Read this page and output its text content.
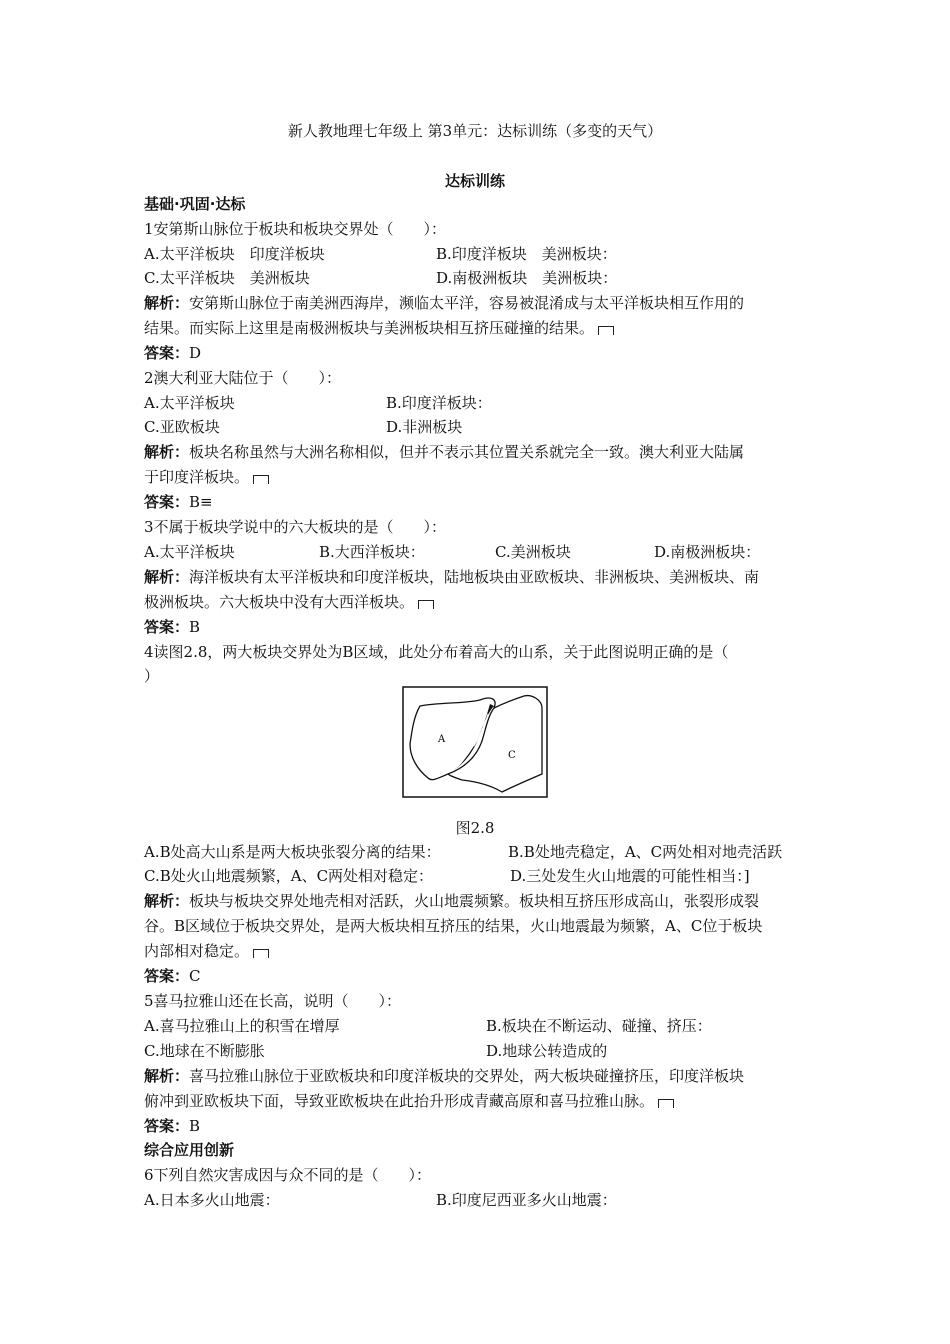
新人教地理七年级上 第3单元：达标训练（多变的天气）
达标训练
基础·巩固·达标
1安第斯山脉位于板块和板块交界处（　　）：
A.太平洋板块　印度洋板块	B.印度洋板块　美洲板块：
C.太平洋板块　美洲板块	D.南极洲板块　美洲板块：
解析：安第斯山脉位于南美洲西海岸，濒临太平洋，容易被混淆成与太平洋板块相互作用的
结果。而实际上这里是南极洲板块与美洲板块相互挤压碰撞的结果。
答案：D
2澳大利亚大陆位于（　　）：
A.太平洋板块	B.印度洋板块：
C.亚欧板块	D.非洲板块
解析：板块名称虽然与大洲名称相似，但并不表示其位置关系就完全一致。澳大利亚大陆属
于印度洋板块。
答案：B≡
3不属于板块学说中的六大板块的是（　　）：
A.太平洋板块	B.大西洋板块：	C.美洲板块	D.南极洲板块：
解析：海洋板块有太平洋板块和印度洋板块，陆地板块由亚欧板块、非洲板块、美洲板块、南
极洲板块。六大板块中没有大西洋板块。
答案：B
4读图2.8，两大板块交界处为B区域，此处分布着高大的山系，关于此图说明正确的是（
）
A	B
C
图2.8
A.B处高大山系是两大板块张裂分离的结果：	B.B处地壳稳定，A、C两处相对地壳活跃
C.B处火山地震频繁，A、C两处相对稳定：	D.三处发生火山地震的可能性相当：]
解析：板块与板块交界处地壳相对活跃，火山地震频繁。板块相互挤压形成高山，张裂形成裂
谷。B区域位于板块交界处，是两大板块相互挤压的结果，火山地震最为频繁，A、C位于板块
内部相对稳定。
答案：C
5喜马拉雅山还在长高，说明（　　）：
A.喜马拉雅山上的积雪在增厚	B.板块在不断运动、碰撞、挤压：
C.地球在不断膨胀	D.地球公转造成的
解析：喜马拉雅山脉位于亚欧板块和印度洋板块的交界处，两大板块碰撞挤压，印度洋板块
俯冲到亚欧板块下面，导致亚欧板块在此抬升形成青藏高原和喜马拉雅山脉。
答案：B
综合应用创新
6下列自然灾害成因与众不同的是（　　）：
A.日本多火山地震：	B.印度尼西亚多火山地震：
